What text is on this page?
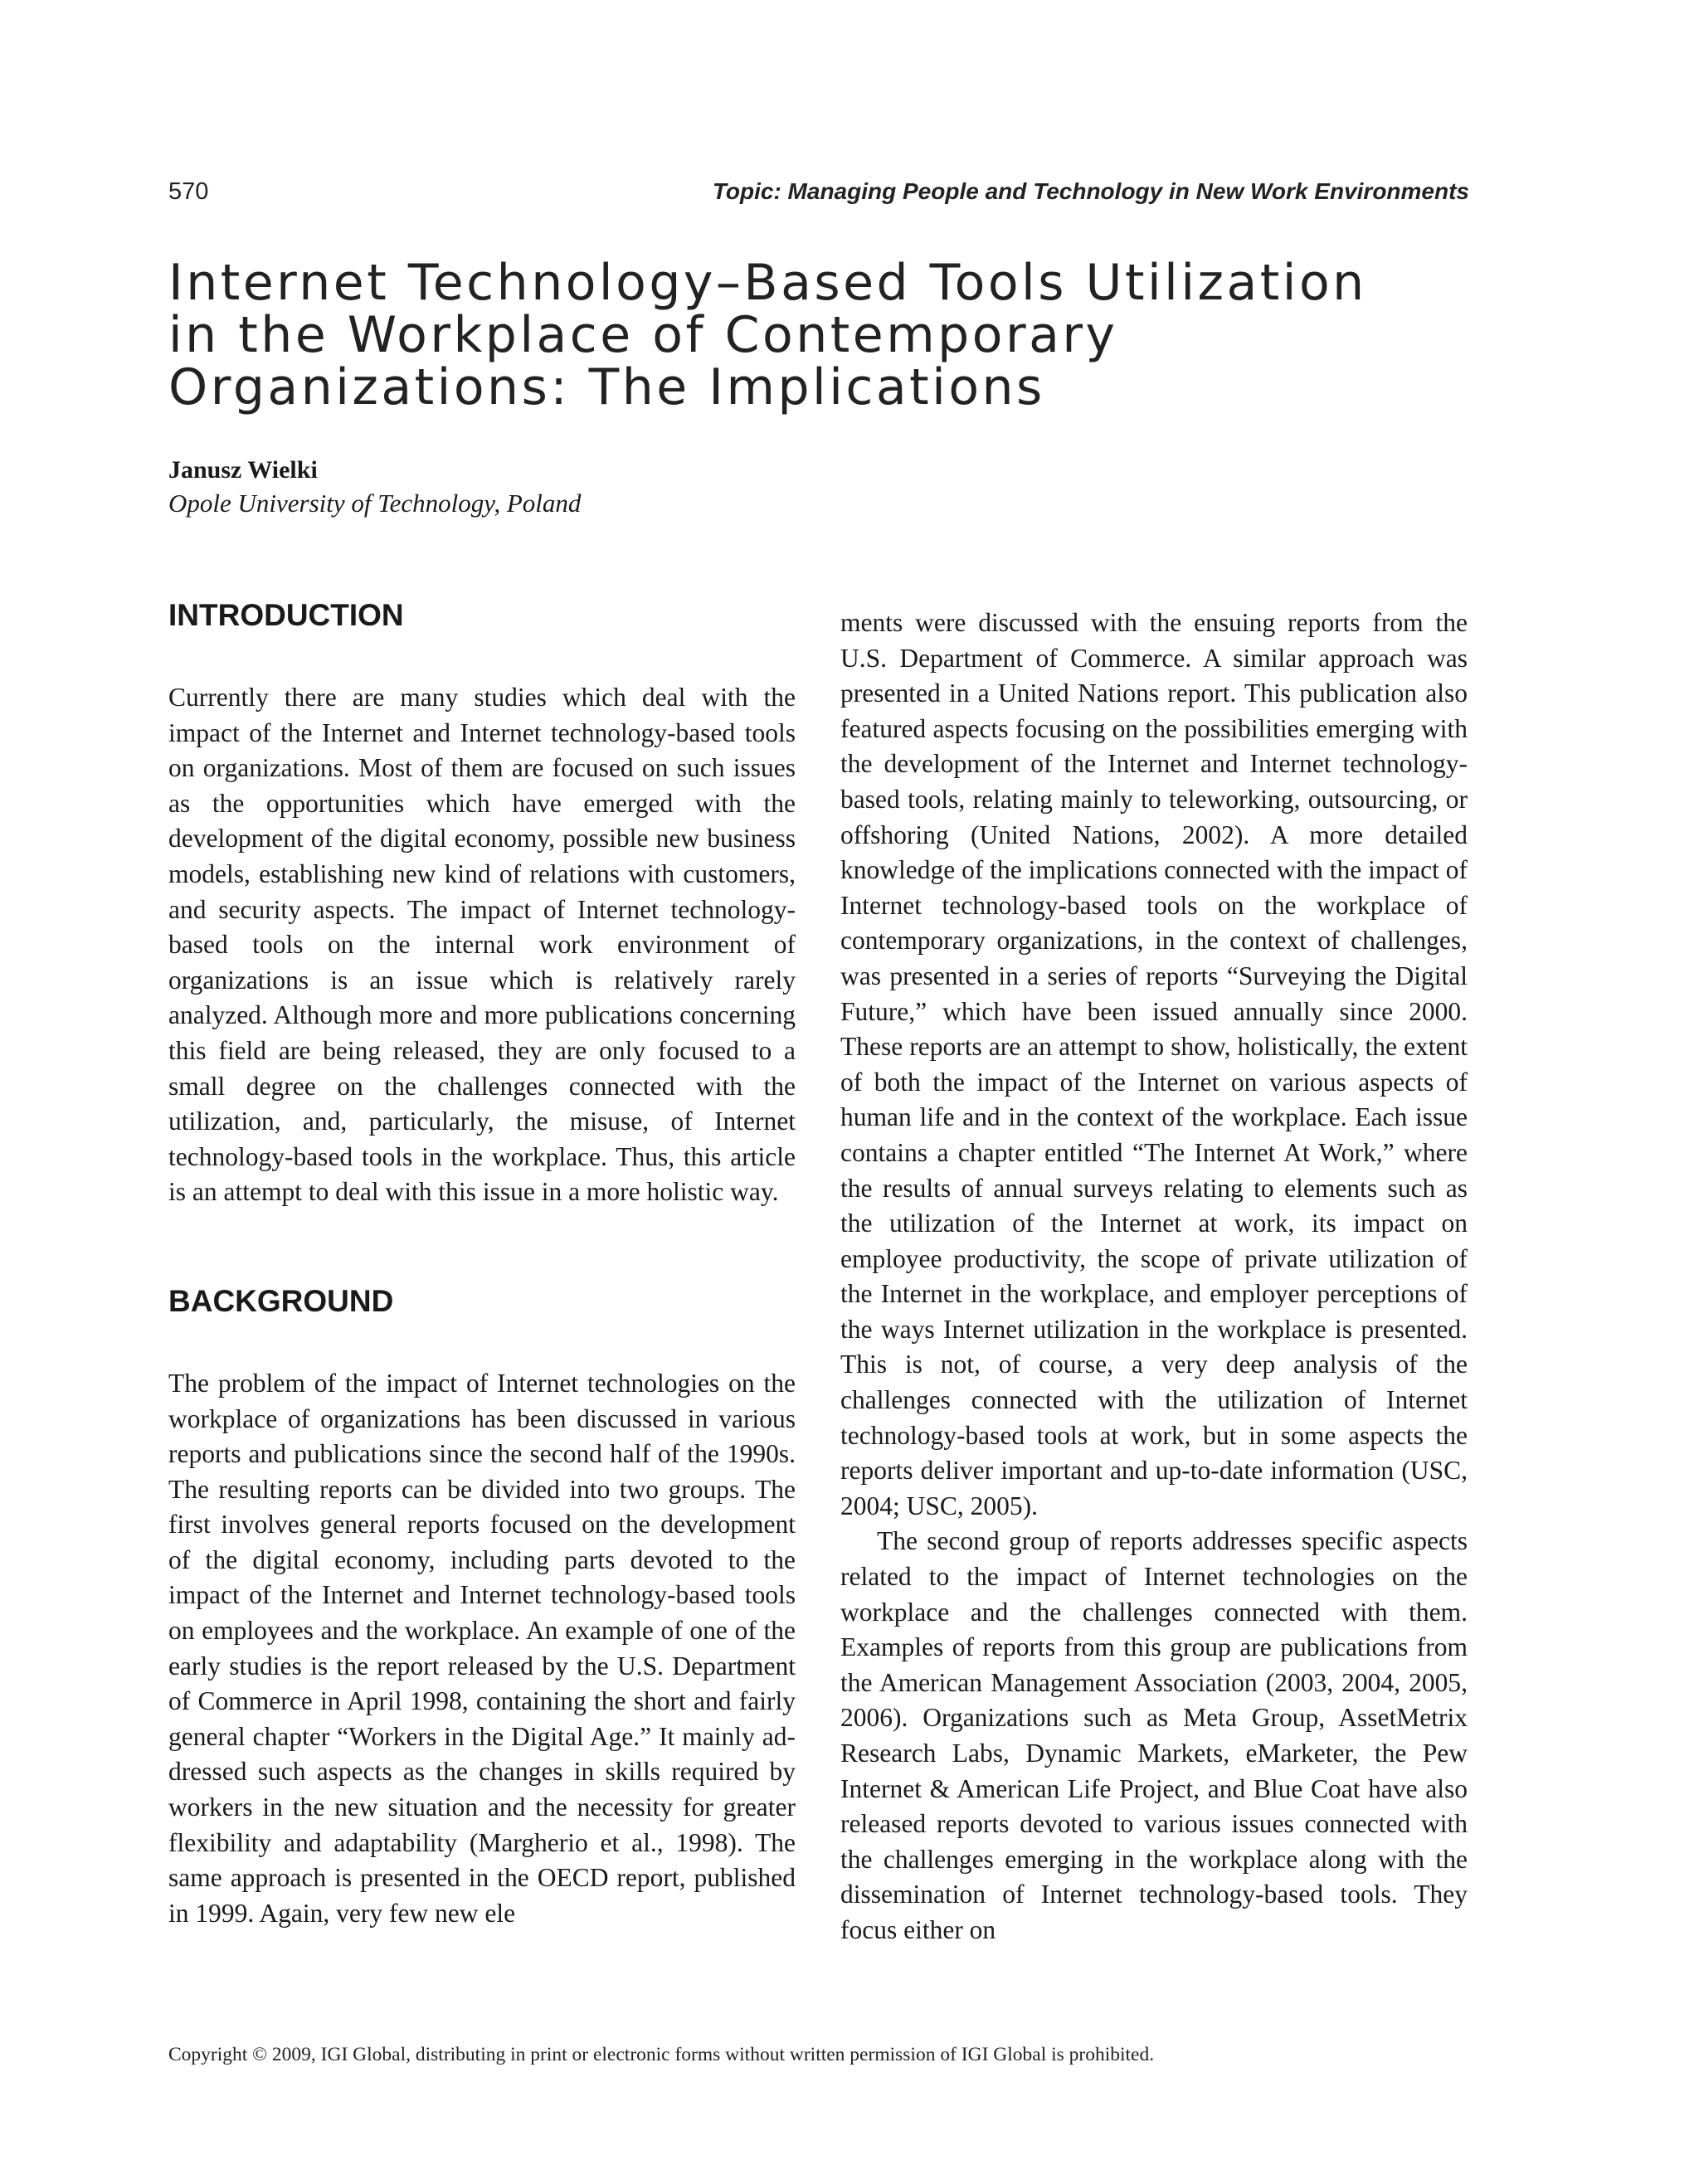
570	Topic: Managing People and Technology in New Work Environments
Internet Technology–Based Tools Utilization
in the Workplace of Contemporary
Organizations: The Implications
Janusz Wielki
Opole University of Technology, Poland
INTRODUCTION

Currently there are many studies which deal with the impact of the Internet and Internet technology-based tools on organizations. Most of them are focused on such issues as the opportunities which have emerged with the development of the digital economy, possible new business models, establishing new kind of relations with customers, and security aspects. The impact of Internet technology-based tools on the internal work environment of organizations is an issue which is relatively rarely analyzed. Although more and more publications concerning this field are being released, they are only focused to a small degree on the challenges connected with the utilization, and, particularly, the misuse, of Internet technology-based tools in the workplace. Thus, this article is an attempt to deal with this issue in a more holistic way.

BACKGROUND

The problem of the impact of Internet technologies on the workplace of organizations has been discussed in various reports and publications since the second half of the 1990s. The resulting reports can be divided into two groups. The first involves general reports focused on the development of the digital economy, including parts devoted to the impact of the Internet and Internet technology-based tools on employees and the workplace. An example of one of the early studies is the report released by the U.S. Department of Commerce in April 1998, containing the short and fairly general chapter “Workers in the Digital Age.” It mainly addressed such aspects as the changes in skills required by workers in the new situation and the necessity for greater flexibility and adaptability (Margherio et al., 1998). The same approach is presented in the OECD report, published in 1999. Again, very few new ele

ments were discussed with the ensuing reports from the U.S. Department of Commerce. A similar approach was presented in a United Nations report. This publication also featured aspects focusing on the possibilities emerging with the development of the Internet and Internet technology-based tools, relating mainly to teleworking, outsourcing, or offshoring (United Nations, 2002). A more detailed knowledge of the implications connected with the impact of Internet technology-based tools on the workplace of contemporary organizations, in the context of challenges, was presented in a series of reports “Surveying the Digital Future,” which have been issued annually since 2000. These reports are an attempt to show, holistically, the extent of both the impact of the Internet on various aspects of human life and in the context of the workplace. Each issue contains a chapter entitled “The Internet At Work,” where the results of annual surveys relating to elements such as the utilization of the Internet at work, its impact on employee productivity, the scope of private utilization of the Internet in the workplace, and employer perceptions of the ways Internet utilization in the workplace is presented. This is not, of course, a very deep analysis of the challenges connected with the utilization of Internet technology-based tools at work, but in some aspects the reports deliver important and up-to-date information (USC, 2004; USC, 2005).

The second group of reports addresses specific aspects related to the impact of Internet technologies on the workplace and the challenges connected with them. Examples of reports from this group are publications from the American Management Association (2003, 2004, 2005, 2006). Organizations such as Meta Group, AssetMetrix Research Labs, Dynamic Markets, eMarketer, the Pew Internet & American Life Project, and Blue Coat have also released reports devoted to various issues connected with the challenges emerging in the workplace along with the dissemination of Internet technology-based tools. They focus either on

Copyright © 2009, IGI Global, distributing in print or electronic forms without written permission of IGI Global is prohibited.
